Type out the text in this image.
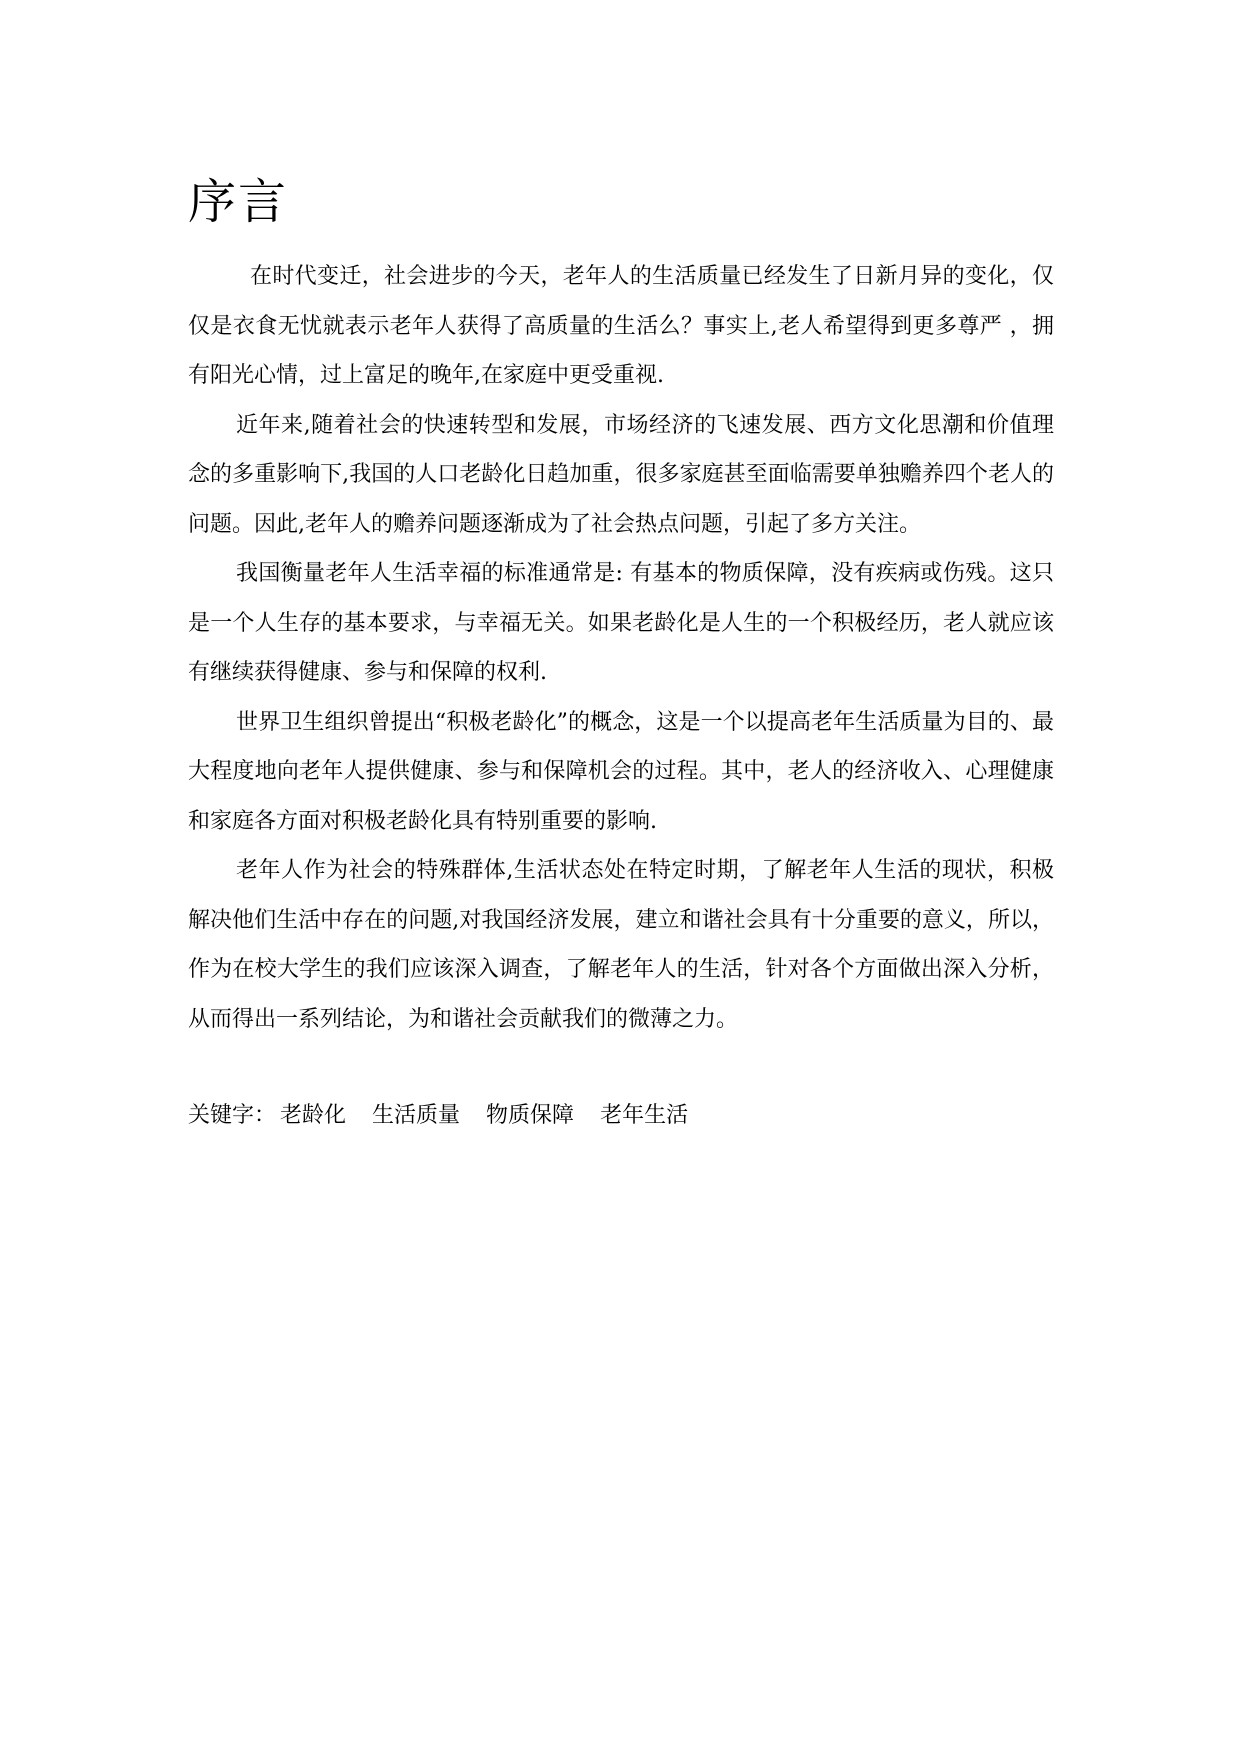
序言

在时代变迁，社会进步的今天，老年人的生活质量已经发生了日新月异的变化，仅仅是衣食无忧就表示老年人获得了高质量的生活么？事实上,老人希望得到更多尊严 ，拥有阳光心情，过上富足的晚年,在家庭中更受重视.

近年来,随着社会的快速转型和发展，市场经济的飞速发展、西方文化思潮和价值理念的多重影响下,我国的人口老龄化日趋加重，很多家庭甚至面临需要单独赡养四个老人的问题。因此,老年人的赡养问题逐渐成为了社会热点问题，引起了多方关注。

我国衡量老年人生活幸福的标准通常是: 有基本的物质保障，没有疾病或伤残。这只是一个人生存的基本要求，与幸福无关。如果老龄化是人生的一个积极经历，老人就应该有继续获得健康、参与和保障的权利.

世界卫生组织曾提出“积极老龄化”的概念，这是一个以提高老年生活质量为目的、最大程度地向老年人提供健康、参与和保障机会的过程。其中，老人的经济收入、心理健康和家庭各方面对积极老龄化具有特别重要的影响.

老年人作为社会的特殊群体,生活状态处在特定时期，了解老年人生活的现状，积极解决他们生活中存在的问题,对我国经济发展，建立和谐社会具有十分重要的意义，所以，作为在校大学生的我们应该深入调查，了解老年人的生活，针对各个方面做出深入分析，从而得出一系列结论，为和谐社会贡献我们的微薄之力。

关键字： 老龄化 生活质量 物质保障 老年生活
